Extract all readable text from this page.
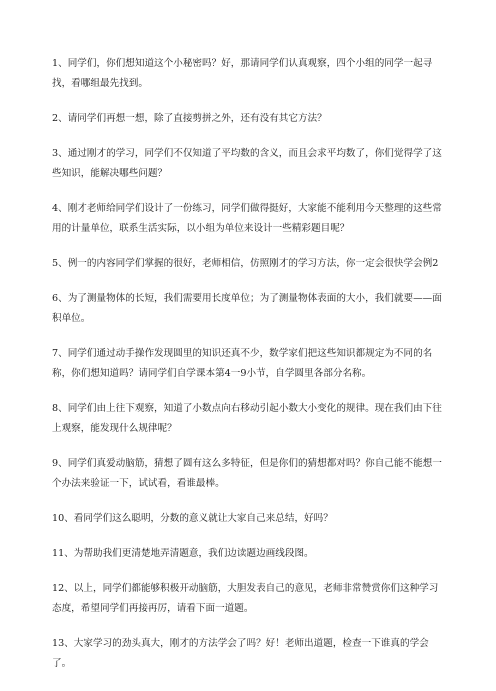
1、同学们，你们想知道这个小秘密吗？好，那请同学们认真观察，四个小组的同学一起寻找，看哪组最先找到。

2、请同学们再想一想，除了直接剪拼之外，还有没有其它方法？

3、通过刚才的学习，同学们不仅知道了平均数的含义，而且会求平均数了，你们觉得学了这些知识，能解决哪些问题？

4、刚才老师给同学们设计了一份练习，同学们做得挺好，大家能不能利用今天整理的这些常用的计量单位，联系生活实际，以小组为单位来设计一些精彩题目呢？

5、例一的内容同学们掌握的很好，老师相信，仿照刚才的学习方法，你一定会很快学会例2

6、为了测量物体的长短，我们需要用长度单位；为了测量物体表面的大小，我们就要——面积单位。

7、同学们通过动手操作发现圆里的知识还真不少，数学家们把这些知识都规定为不同的名称，你们想知道吗？请同学们自学课本第4一9小节，自学圆里各部分名称。

8、同学们由上往下观察，知道了小数点向右移动引起小数大小变化的规律。现在我们由下往上观察，能发现什么规律呢？

9、同学们真爱动脑筋，猜想了圆有这么多特征，但是你们的猜想都对吗？你自己能不能想一个办法来验证一下，试试看，看谁最棒。

10、看同学们这么聪明，分数的意义就让大家自己来总结，好吗？

11、为帮助我们更清楚地弄清题意，我们边读题边画线段图。

12、以上，同学们都能够积极开动脑筋，大胆发表自己的意见，老师非常赞赏你们这种学习态度，希望同学们再接再厉，请看下面一道题。

13、大家学习的劲头真大，刚才的方法学会了吗？好！老师出道题，检查一下谁真的学会了。
